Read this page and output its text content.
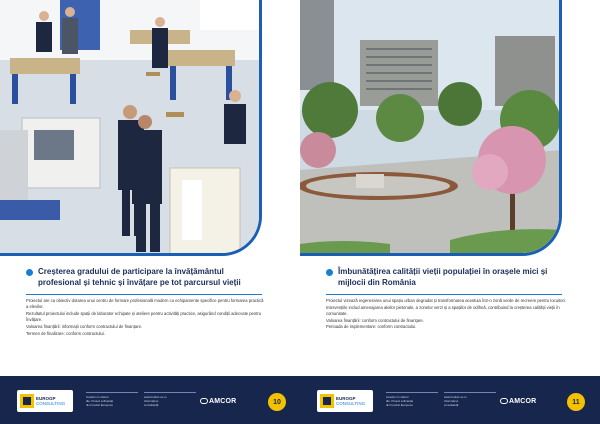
Creșterea gradului de participare la învățământul profesional și tehnic și învățare pe tot parcursul vieții

Proiectul are ca obiectiv dotarea unui centru de formare profesională modern cu echipamente specifice pentru formarea practică a elevilor.

Rezultatul proiectului include spații de laborator echipate și ateliere pentru activități practice, asigurând condiții adecvate pentru învățare.

Valoarea finanțării: informații conform contractului de finanțare.

Termen de finalizare: conform contractului.

EUROGP
CONSULTING
Investim în viitorul
tău. Proiect cofinanțat
din Fonduri Europene
www.fonduri-ue.ro
Informații și
consultanță
AMCOR	10
Îmbunătățirea calității vieții populației în orașele mici și mijlocii din România

Proiectul vizează regenerarea unui spațiu urban degradat și transformarea acestuia într-o zonă verde de recreere pentru locuitori.

Intervențiile includ amenajarea aleilor pietonale, a zonelor verzi și a spațiilor de odihnă, contribuind la creșterea calității vieții în comunitate.

Valoarea finanțării: conform contractului de finanțare.

Perioada de implementare: conform contractului.

EUROGP
CONSULTING
Investim în viitorul
tău. Proiect cofinanțat
din Fonduri Europene
www.fonduri-ue.ro
Informații și
consultanță
AMCOR	11
